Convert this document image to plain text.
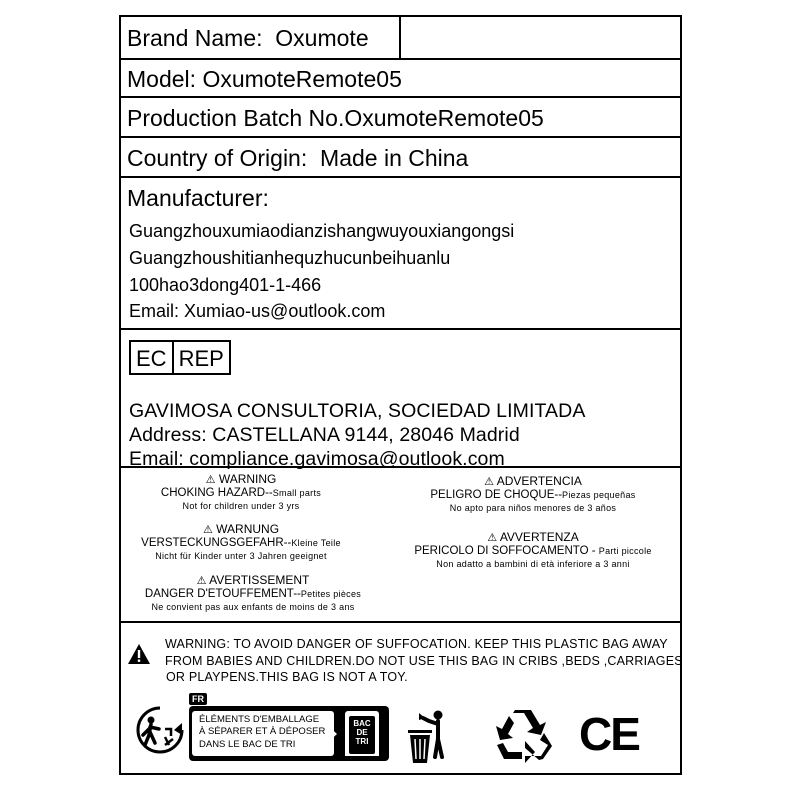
Brand Name: Oxumote
Model: OxumoteRemote05
Production Batch No.OxumoteRemote05
Country of Origin: Made in China
Manufacturer:
Guangzhouxumiaodianzishangwuyouxiangongsi
Guangzhoushitianhequzhucunbeihuanlu
100hao3dong401-1-466
Email: Xumiao-us@outlook.com
EC REP
GAVIMOSA CONSULTORIA, SOCIEDAD LIMITADA
Address: CASTELLANA 9144, 28046 Madrid
Email: compliance.gavimosa@outlook.com
⚠ WARNING
CHOKING HAZARD--Small parts
Not for children under 3 yrs
⚠ WARNUNG
VERSTECKUNGSGEFAHR--Kleine Teile
Nicht für Kinder unter 3 Jahren geeignet
⚠ AVERTISSEMENT
DANGER D'ETOUFFEMENT--Petites pièces
Ne convient pas aux enfants de moins de 3 ans
⚠ ADVERTENCIA
PELIGRO DE CHOQUE--Piezas pequeñas
No apto para niños menores de 3 años
⚠ AVVERTENZA
PERICOLO DI SOFFOCAMENTO - Parti piccole
Non adatto a bambini di età inferiore a 3 anni
WARNING: TO AVOID DANGER OF SUFFOCATION. KEEP THIS PLASTIC BAG AWAY
FROM BABIES AND CHILDREN.DO NOT USE THIS BAG IN CRIBS ,BEDS ,CARRIAGES
OR PLAYPENS.THIS BAG IS NOT A TOY.
FR
ÉLÉMENTS D'EMBALLAGE
À SÉPARER ET À DÉPOSER
DANS LE BAC DE TRI
BAC
DE
TRI	CE
